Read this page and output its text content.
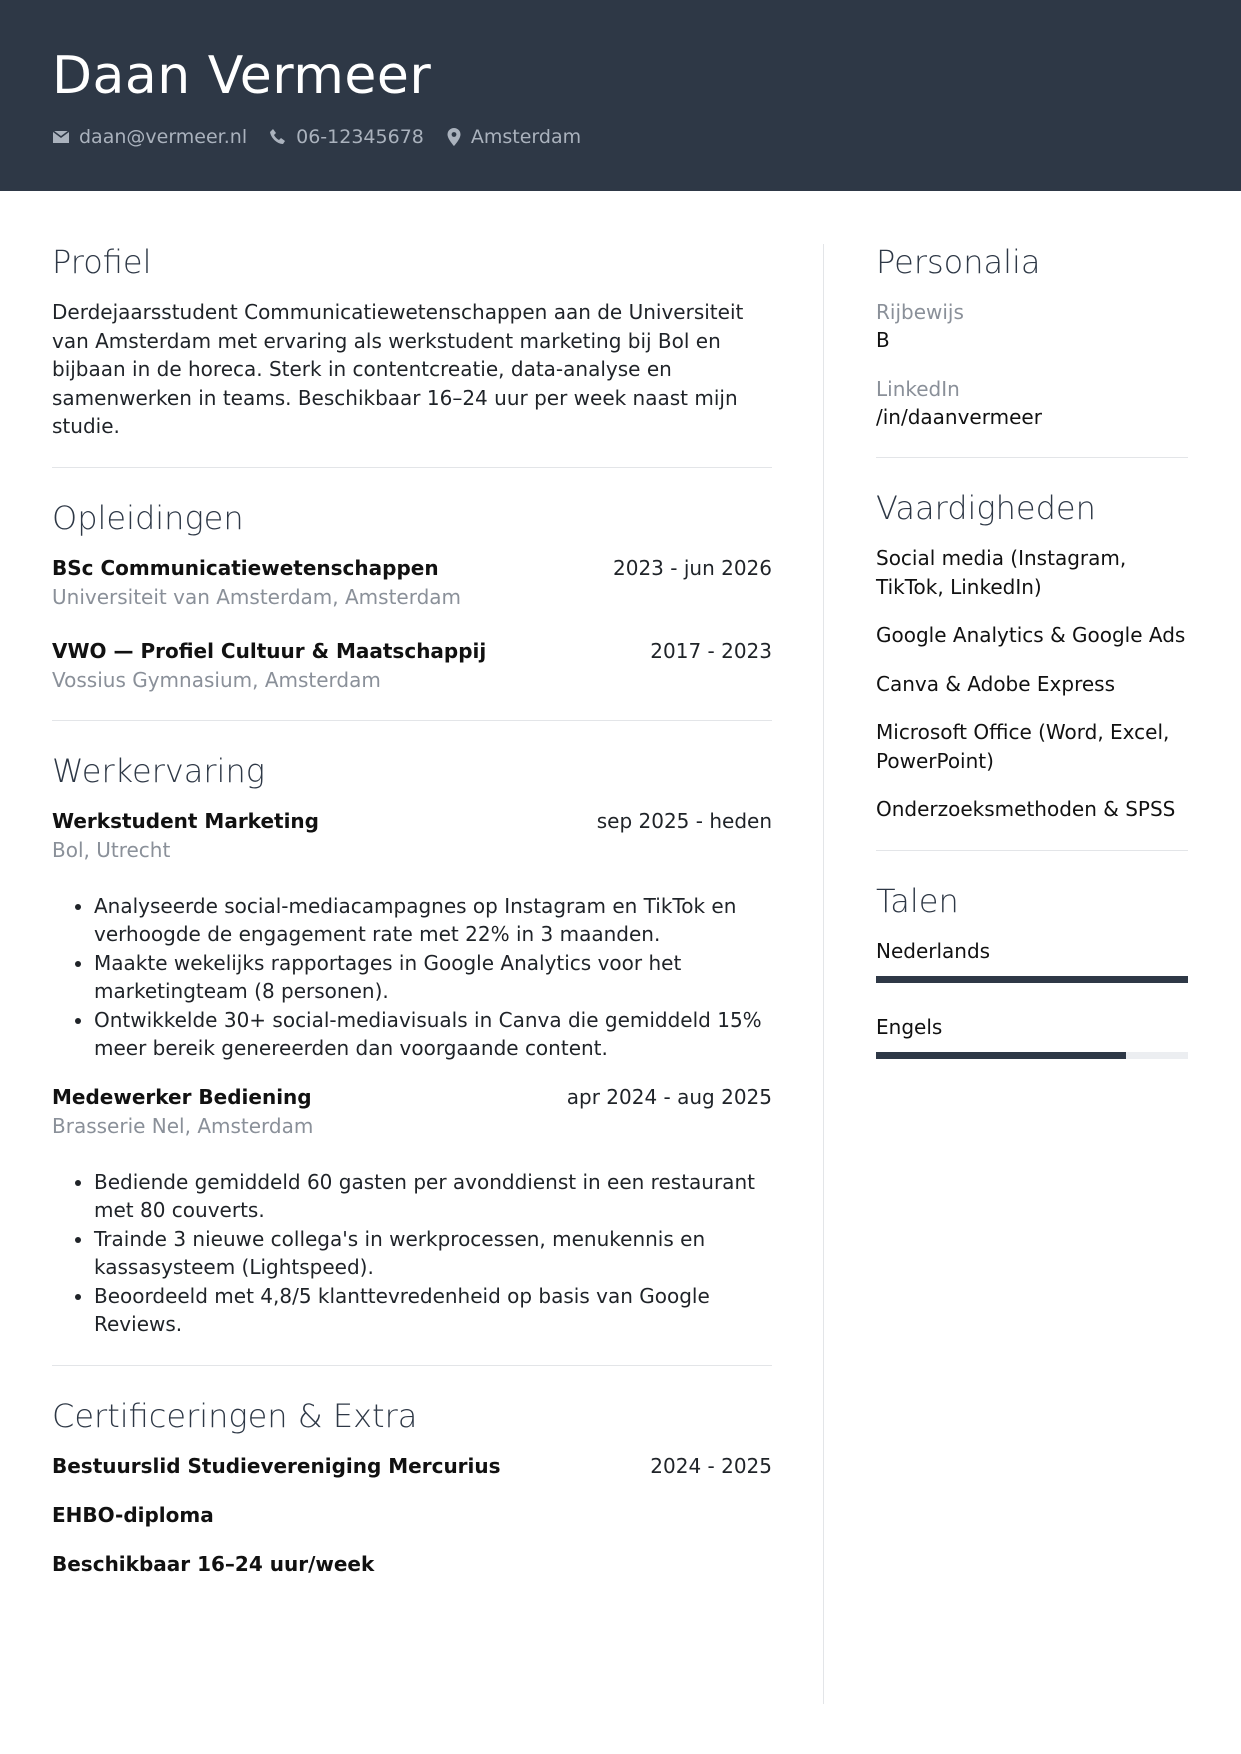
Daan Vermeer
daan@vermeer.nl	06-12345678 Amsterdam
Profiel

Derdejaarsstudent Communicatiewetenschappen aan de Universiteit van Amsterdam met ervaring als werkstudent marketing bij Bol en bijbaan in de horeca. Sterk in contentcreatie, data-analyse en samenwerken in teams. Beschikbaar 16–24 uur per week naast mijn studie.

Opleidingen
BSc Communicatiewetenschappen	2023 - jun 2026
Universiteit van Amsterdam, Amsterdam
VWO — Profiel Cultuur & Maatschappij	2017 - 2023
Vossius Gymnasium, Amsterdam
Werkervaring
Werkstudent Marketing	sep 2025 - heden
Bol, Utrecht
• Analyseerde social-mediacampagnes op Instagram en TikTok en verhoogde de engagement rate met 22% in 3 maanden.
• Maakte wekelijks rapportages in Google Analytics voor het marketingteam (8 personen).
• Ontwikkelde 30+ social-mediavisuals in Canva die gemiddeld 15% meer bereik genereerden dan voorgaande content.
Medewerker Bediening	apr 2024 - aug 2025
Brasserie Nel, Amsterdam
• Bediende gemiddeld 60 gasten per avonddienst in een restaurant met 80 couverts.
• Trainde 3 nieuwe collega's in werkprocessen, menukennis en kassasysteem (Lightspeed).
• Beoordeeld met 4,8/5 klanttevredenheid op basis van Google Reviews.
Certificeringen & Extra
Bestuurslid Studievereniging Mercurius	2024 - 2025
EHBO-diploma
Beschikbaar 16–24 uur/week
Personalia
Rijbewijs
B
LinkedIn
/in/daanvermeer
Vaardigheden
Social media (Instagram, TikTok, LinkedIn)
Google Analytics & Google Ads
Canva & Adobe Express
Microsoft Office (Word, Excel, PowerPoint)
Onderzoeksmethoden & SPSS
Talen
Nederlands
Engels
